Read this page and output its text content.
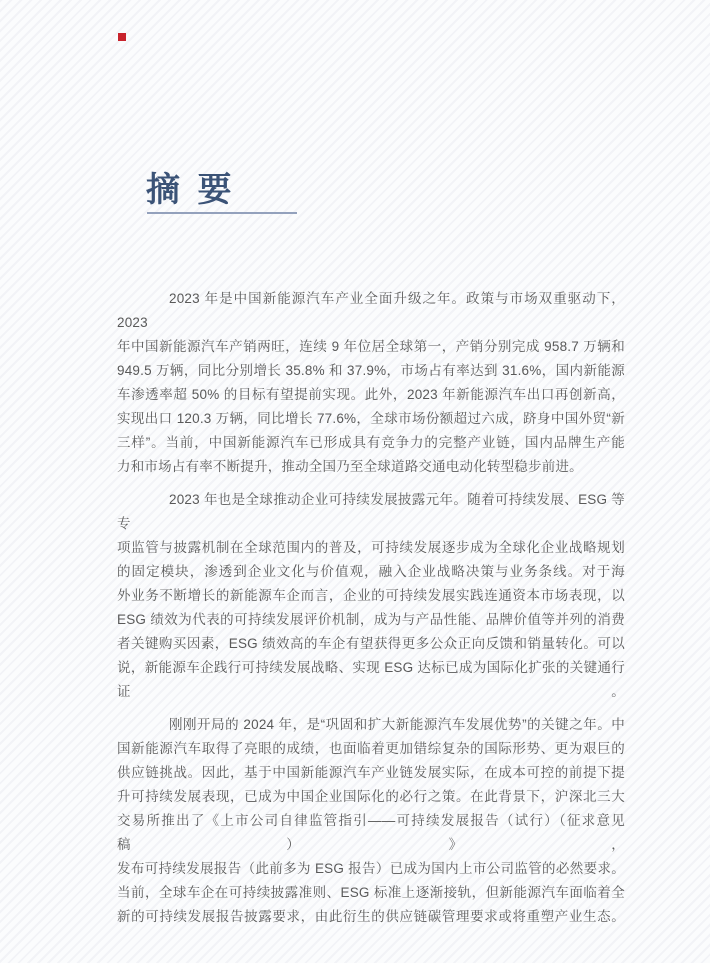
摘 要
2023 年是中国新能源汽车产业全面升级之年。政策与市场双重驱动下，2023
年中国新能源汽车产销两旺，连续 9 年位居全球第一，产销分别完成 958.7 万辆和
949.5 万辆，同比分别增长 35.8% 和 37.9%，市场占有率达到 31.6%，国内新能源
车渗透率超 50% 的目标有望提前实现。此外，2023 年新能源汽车出口再创新高，
实现出口 120.3 万辆，同比增长 77.6%，全球市场份额超过六成，跻身中国外贸“新
三样”。当前，中国新能源汽车已形成具有竞争力的完整产业链，国内品牌生产能
力和市场占有率不断提升，推动全国乃至全球道路交通电动化转型稳步前进。
2023 年也是全球推动企业可持续发展披露元年。随着可持续发展、ESG 等专
项监管与披露机制在全球范围内的普及，可持续发展逐步成为全球化企业战略规划
的固定模块，渗透到企业文化与价值观，融入企业战略决策与业务条线。对于海
外业务不断增长的新能源车企而言，企业的可持续发展实践连通资本市场表现，以
ESG 绩效为代表的可持续发展评价机制，成为与产品性能、品牌价值等并列的消费
者关键购买因素，ESG 绩效高的车企有望获得更多公众正向反馈和销量转化。可以
说，新能源车企践行可持续发展战略、实现 ESG 达标已成为国际化扩张的关键通行证。
刚刚开局的 2024 年，是“巩固和扩大新能源汽车发展优势”的关键之年。中
国新能源汽车取得了亮眼的成绩，也面临着更加错综复杂的国际形势、更为艰巨的
供应链挑战。因此，基于中国新能源汽车产业链发展实际，在成本可控的前提下提
升可持续发展表现，已成为中国企业国际化的必行之策。在此背景下，沪深北三大
交易所推出了《上市公司自律监管指引——可持续发展报告（试行）（征求意见稿）》，
发布可持续发展报告（此前多为 ESG 报告）已成为国内上市公司监管的必然要求。
当前，全球车企在可持续披露准则、ESG 标准上逐渐接轨，但新能源汽车面临着全
新的可持续发展报告披露要求，由此衍生的供应链碳管理要求或将重塑产业生态。
